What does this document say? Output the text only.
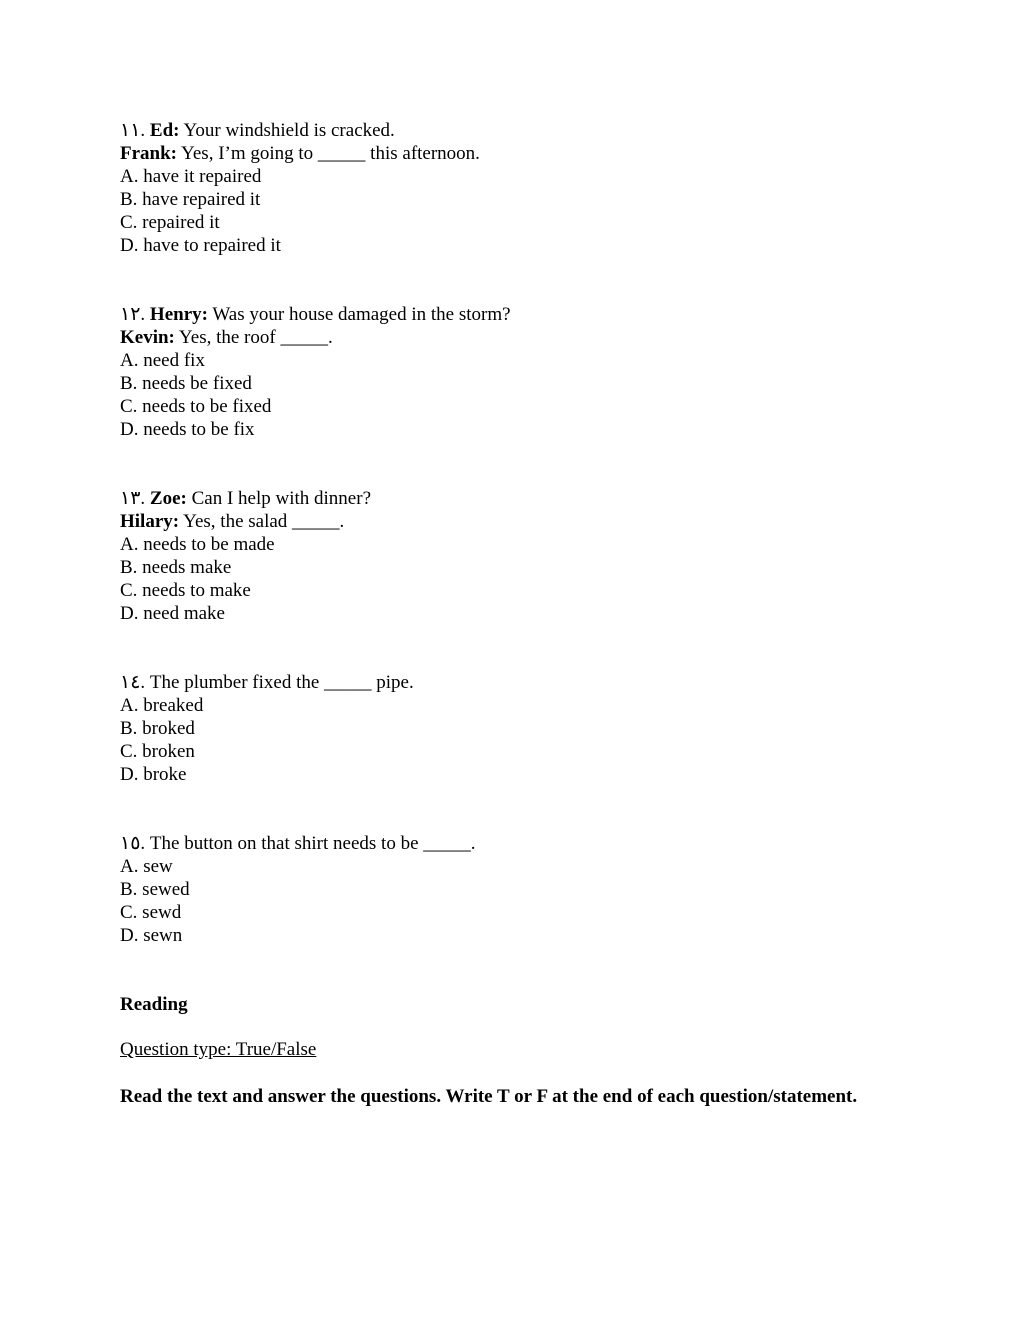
١١. Ed: Your windshield is cracked.
Frank: Yes, I’m going to _____ this afternoon.
A. have it repaired
B. have repaired it
C. repaired it
D. have to repaired it
١٢. Henry: Was your house damaged in the storm?
Kevin: Yes, the roof _____.
A. need fix
B. needs be fixed
C. needs to be fixed
D. needs to be fix
١٣. Zoe: Can I help with dinner?
Hilary: Yes, the salad _____.
A. needs to be made
B. needs make
C. needs to make
D. need make
١٤. The plumber fixed the _____ pipe.
A. breaked
B. broked
C. broken
D. broke
١٥. The button on that shirt needs to be _____.
A. sew
B. sewed
C. sewd
D. sewn
Reading
Question type: True/False
Read the text and answer the questions. Write T or F at the end of each question/statement.
